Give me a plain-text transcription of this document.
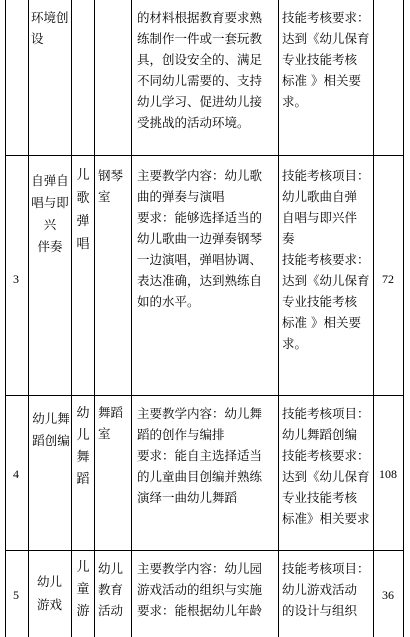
环境创
设
的材料根据教育要求熟
练制作一件或一套玩教
具，创设安全的、满足
不同幼儿需要的、支持
幼儿学习、促进幼儿接
受挑战的活动环境。
技能考核要求：
达到《幼儿保育
专业技能考核
标准 》相关要
求。
3
自弹自
唱与即
兴
伴奏
儿歌弹唱
钢琴
室
主要教学内容：幼儿歌
曲的弹奏与演唱
要求：能够选择适当的
幼儿歌曲一边弹奏钢琴
一边演唱，弹唱协调、
表达准确，达到熟练自
如的水平。
技能考核项目：
幼儿歌曲自弹
自唱与即兴伴
奏
技能考核要求：
达到《幼儿保育
专业技能考核
标准 》相关要
求。
72
4
幼儿舞
蹈创编
幼儿舞蹈
舞蹈
室
主要教学内容：幼儿舞
蹈的创作与编排
要求：能自主选择适当
的儿童曲目创编并熟练
演绎一曲幼儿舞蹈
技能考核项目：
幼儿舞蹈创编
技能考核要求：
达到《幼儿保育
专业技能考核
标准》相关要求
108
5
幼儿
游戏
儿童游
幼儿
教育
活动
主要教学内容：幼儿园
游戏活动的组织与实施
要求：能根据幼儿年龄
技能考核项目：
幼儿游戏活动
的设计与组织
36
